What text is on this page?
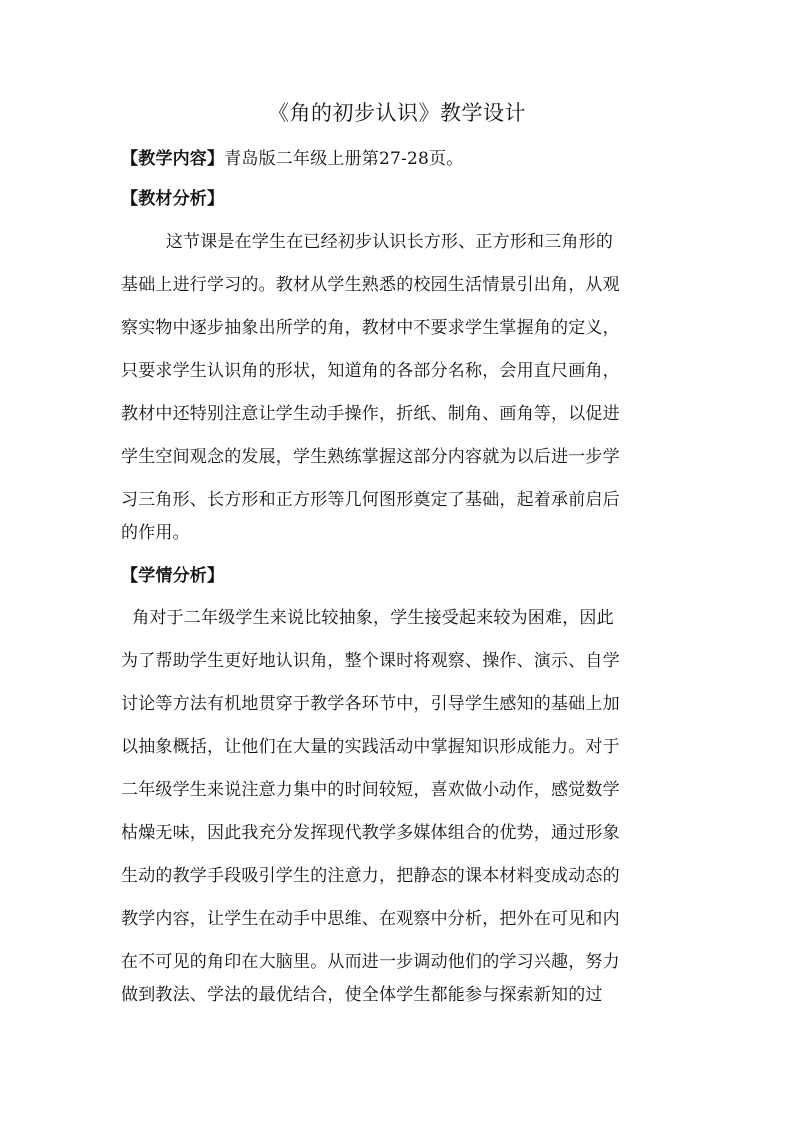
《角的初步认识》教学设计
【教学内容】青岛版二年级上册第27-28页。
【教材分析】
这节课是在学生在已经初步认识长方形、正方形和三角形的
基础上进行学习的。教材从学生熟悉的校园生活情景引出角，从观
察实物中逐步抽象出所学的角，教材中不要求学生掌握角的定义，
只要求学生认识角的形状，知道角的各部分名称，会用直尺画角，
教材中还特别注意让学生动手操作，折纸、制角、画角等，以促进
学生空间观念的发展，学生熟练掌握这部分内容就为以后进一步学
习三角形、长方形和正方形等几何图形奠定了基础，起着承前启后
的作用。
【学情分析】
角对于二年级学生来说比较抽象，学生接受起来较为困难，因此
为了帮助学生更好地认识角，整个课时将观察、操作、演示、自学
讨论等方法有机地贯穿于教学各环节中，引导学生感知的基础上加
以抽象概括，让他们在大量的实践活动中掌握知识形成能力。对于
二年级学生来说注意力集中的时间较短，喜欢做小动作，感觉数学
枯燥无味，因此我充分发挥现代教学多媒体组合的优势，通过形象
生动的教学手段吸引学生的注意力，把静态的课本材料变成动态的
教学内容，让学生在动手中思维、在观察中分析，把外在可见和内
在不可见的角印在大脑里。从而进一步调动他们的学习兴趣，努力
做到教法、学法的最优结合，使全体学生都能参与探索新知的过
